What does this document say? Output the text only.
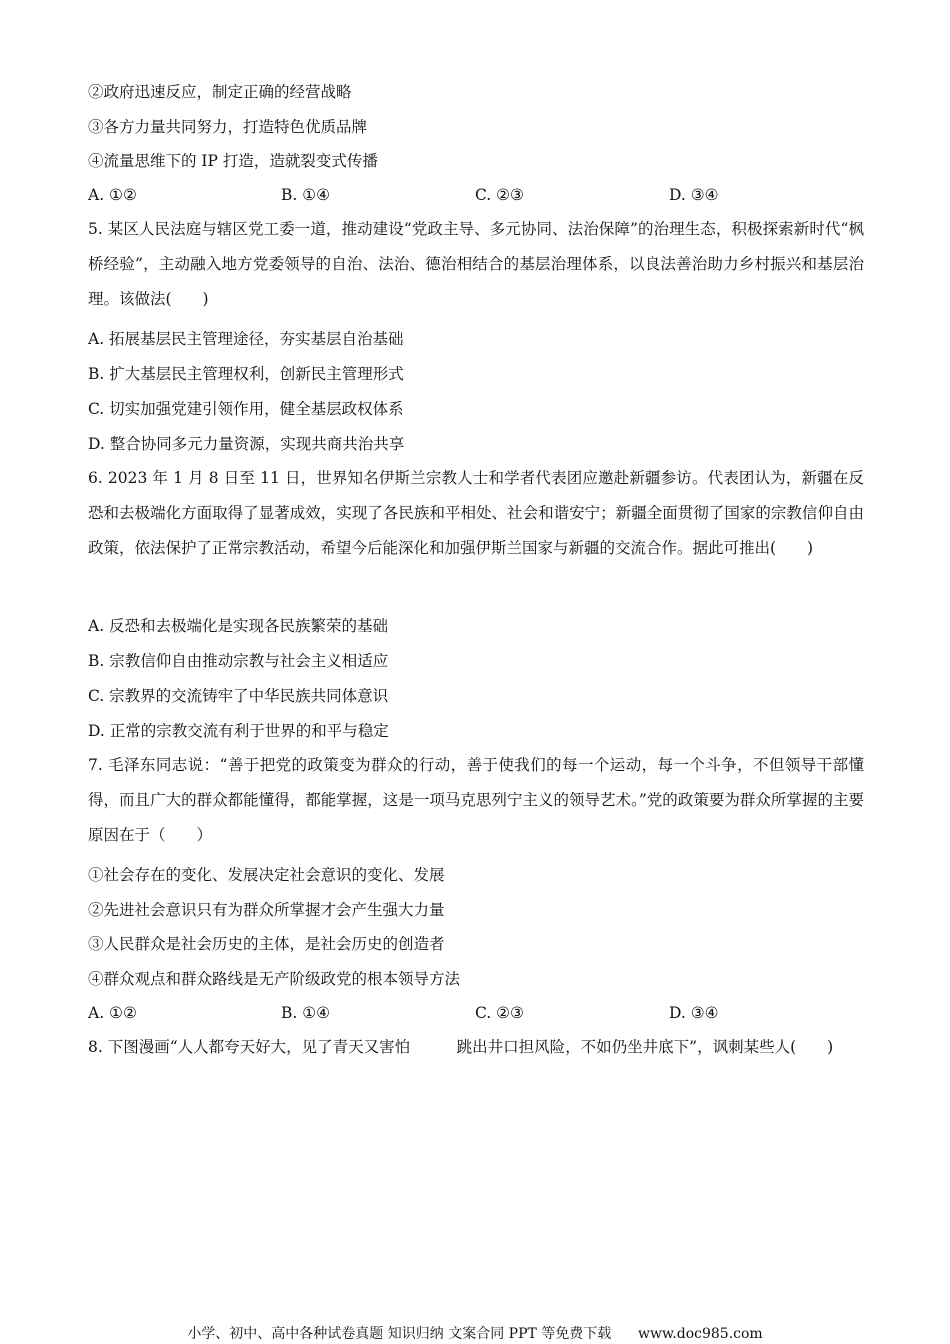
②政府迅速反应，制定正确的经营战略
③各方力量共同努力，打造特色优质品牌
④流量思维下的 IP 打造，造就裂变式传播
A. ①②	B. ①④	C. ②③	D. ③④
5. 某区人民法庭与辖区党工委一道，推动建设“党政主导、多元协同、法治保障”的治理生态，积极探索新时代“枫桥经验”，主动融入地方党委领导的自治、法治、德治相结合的基层治理体系，以良法善治助力乡村振兴和基层治理。该做法(　　)
A. 拓展基层民主管理途径，夯实基层自治基础
B. 扩大基层民主管理权利，创新民主管理形式
C. 切实加强党建引领作用，健全基层政权体系
D. 整合协同多元力量资源，实现共商共治共享
6. 2023 年 1 月 8 日至 11 日，世界知名伊斯兰宗教人士和学者代表团应邀赴新疆参访。代表团认为，新疆在反恐和去极端化方面取得了显著成效，实现了各民族和平相处、社会和谐安宁；新疆全面贯彻了国家的宗教信仰自由政策，依法保护了正常宗教活动，希望今后能深化和加强伊斯兰国家与新疆的交流合作。据此可推出(　　)
A. 反恐和去极端化是实现各民族繁荣的基础
B. 宗教信仰自由推动宗教与社会主义相适应
C. 宗教界的交流铸牢了中华民族共同体意识
D. 正常的宗教交流有利于世界的和平与稳定
7. 毛泽东同志说：“善于把党的政策变为群众的行动，善于使我们的每一个运动，每一个斗争，不但领导干部懂得，而且广大的群众都能懂得，都能掌握，这是一项马克思列宁主义的领导艺术。”党的政策要为群众所掌握的主要原因在于（　　）
①社会存在的变化、发展决定社会意识的变化、发展
②先进社会意识只有为群众所掌握才会产生强大力量
③人民群众是社会历史的主体，是社会历史的创造者
④群众观点和群众路线是无产阶级政党的根本领导方法
A. ①②	B. ①④	C. ②③	D. ③④
8. 下图漫画“人人都夸天好大，见了青天又害怕　　　跳出井口担风险，不如仍坐井底下”，讽刺某些人(　　)
小学、初中、高中各种试卷真题 知识归纳 文案合同 PPT 等免费下载 www.doc985.com
